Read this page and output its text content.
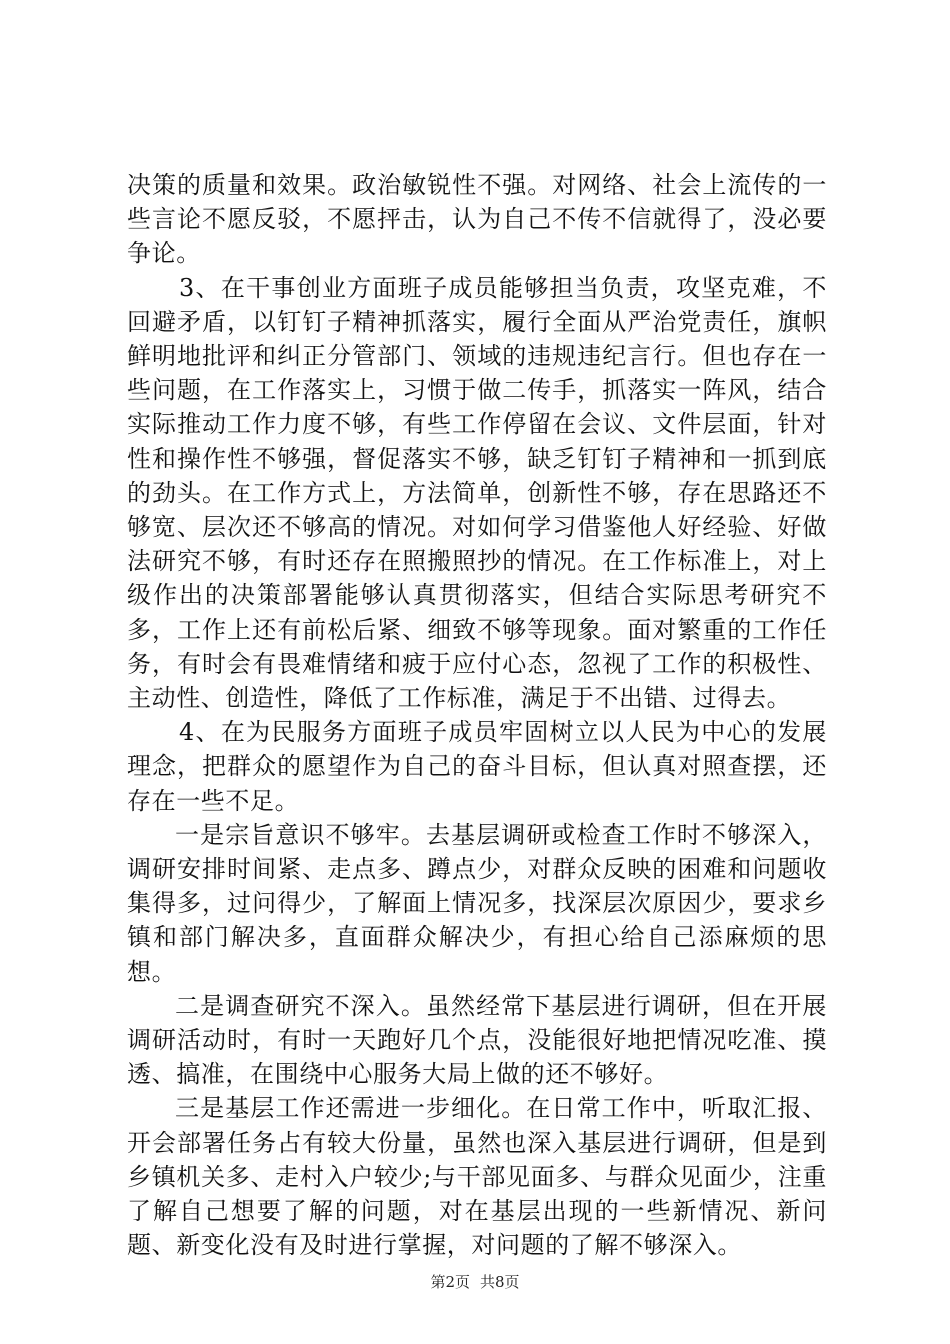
决策的质量和效果。政治敏锐性不强。对网络、社会上流传的一些言论不愿反驳，不愿抨击，认为自己不传不信就得了，没必要争论。

3、在干事创业方面班子成员能够担当负责，攻坚克难，不回避矛盾，以钉钉子精神抓落实，履行全面从严治党责任，旗帜鲜明地批评和纠正分管部门、领域的违规违纪言行。但也存在一些问题，在工作落实上，习惯于做二传手，抓落实一阵风，结合实际推动工作力度不够，有些工作停留在会议、文件层面，针对性和操作性不够强，督促落实不够，缺乏钉钉子精神和一抓到底的劲头。在工作方式上，方法简单，创新性不够，存在思路还不够宽、层次还不够高的情况。对如何学习借鉴他人好经验、好做法研究不够，有时还存在照搬照抄的情况。在工作标准上，对上级作出的决策部署能够认真贯彻落实，但结合实际思考研究不多，工作上还有前松后紧、细致不够等现象。面对繁重的工作任务，有时会有畏难情绪和疲于应付心态，忽视了工作的积极性、主动性、创造性，降低了工作标准，满足于不出错、过得去。

4、在为民服务方面班子成员牢固树立以人民为中心的发展理念，把群众的愿望作为自己的奋斗目标，但认真对照查摆，还存在一些不足。

一是宗旨意识不够牢。去基层调研或检查工作时不够深入，调研安排时间紧、走点多、蹲点少，对群众反映的困难和问题收集得多，过问得少，了解面上情况多，找深层次原因少，要求乡镇和部门解决多，直面群众解决少，有担心给自己添麻烦的思想。

二是调查研究不深入。虽然经常下基层进行调研，但在开展调研活动时，有时一天跑好几个点，没能很好地把情况吃准、摸透、搞准，在围绕中心服务大局上做的还不够好。

三是基层工作还需进一步细化。在日常工作中，听取汇报、开会部署任务占有较大份量，虽然也深入基层进行调研，但是到乡镇机关多、走村入户较少;与干部见面多、与群众见面少，注重了解自己想要了解的问题，对在基层出现的一些新情况、新问题、新变化没有及时进行掌握，对问题的了解不够深入。

第2页 共8页
